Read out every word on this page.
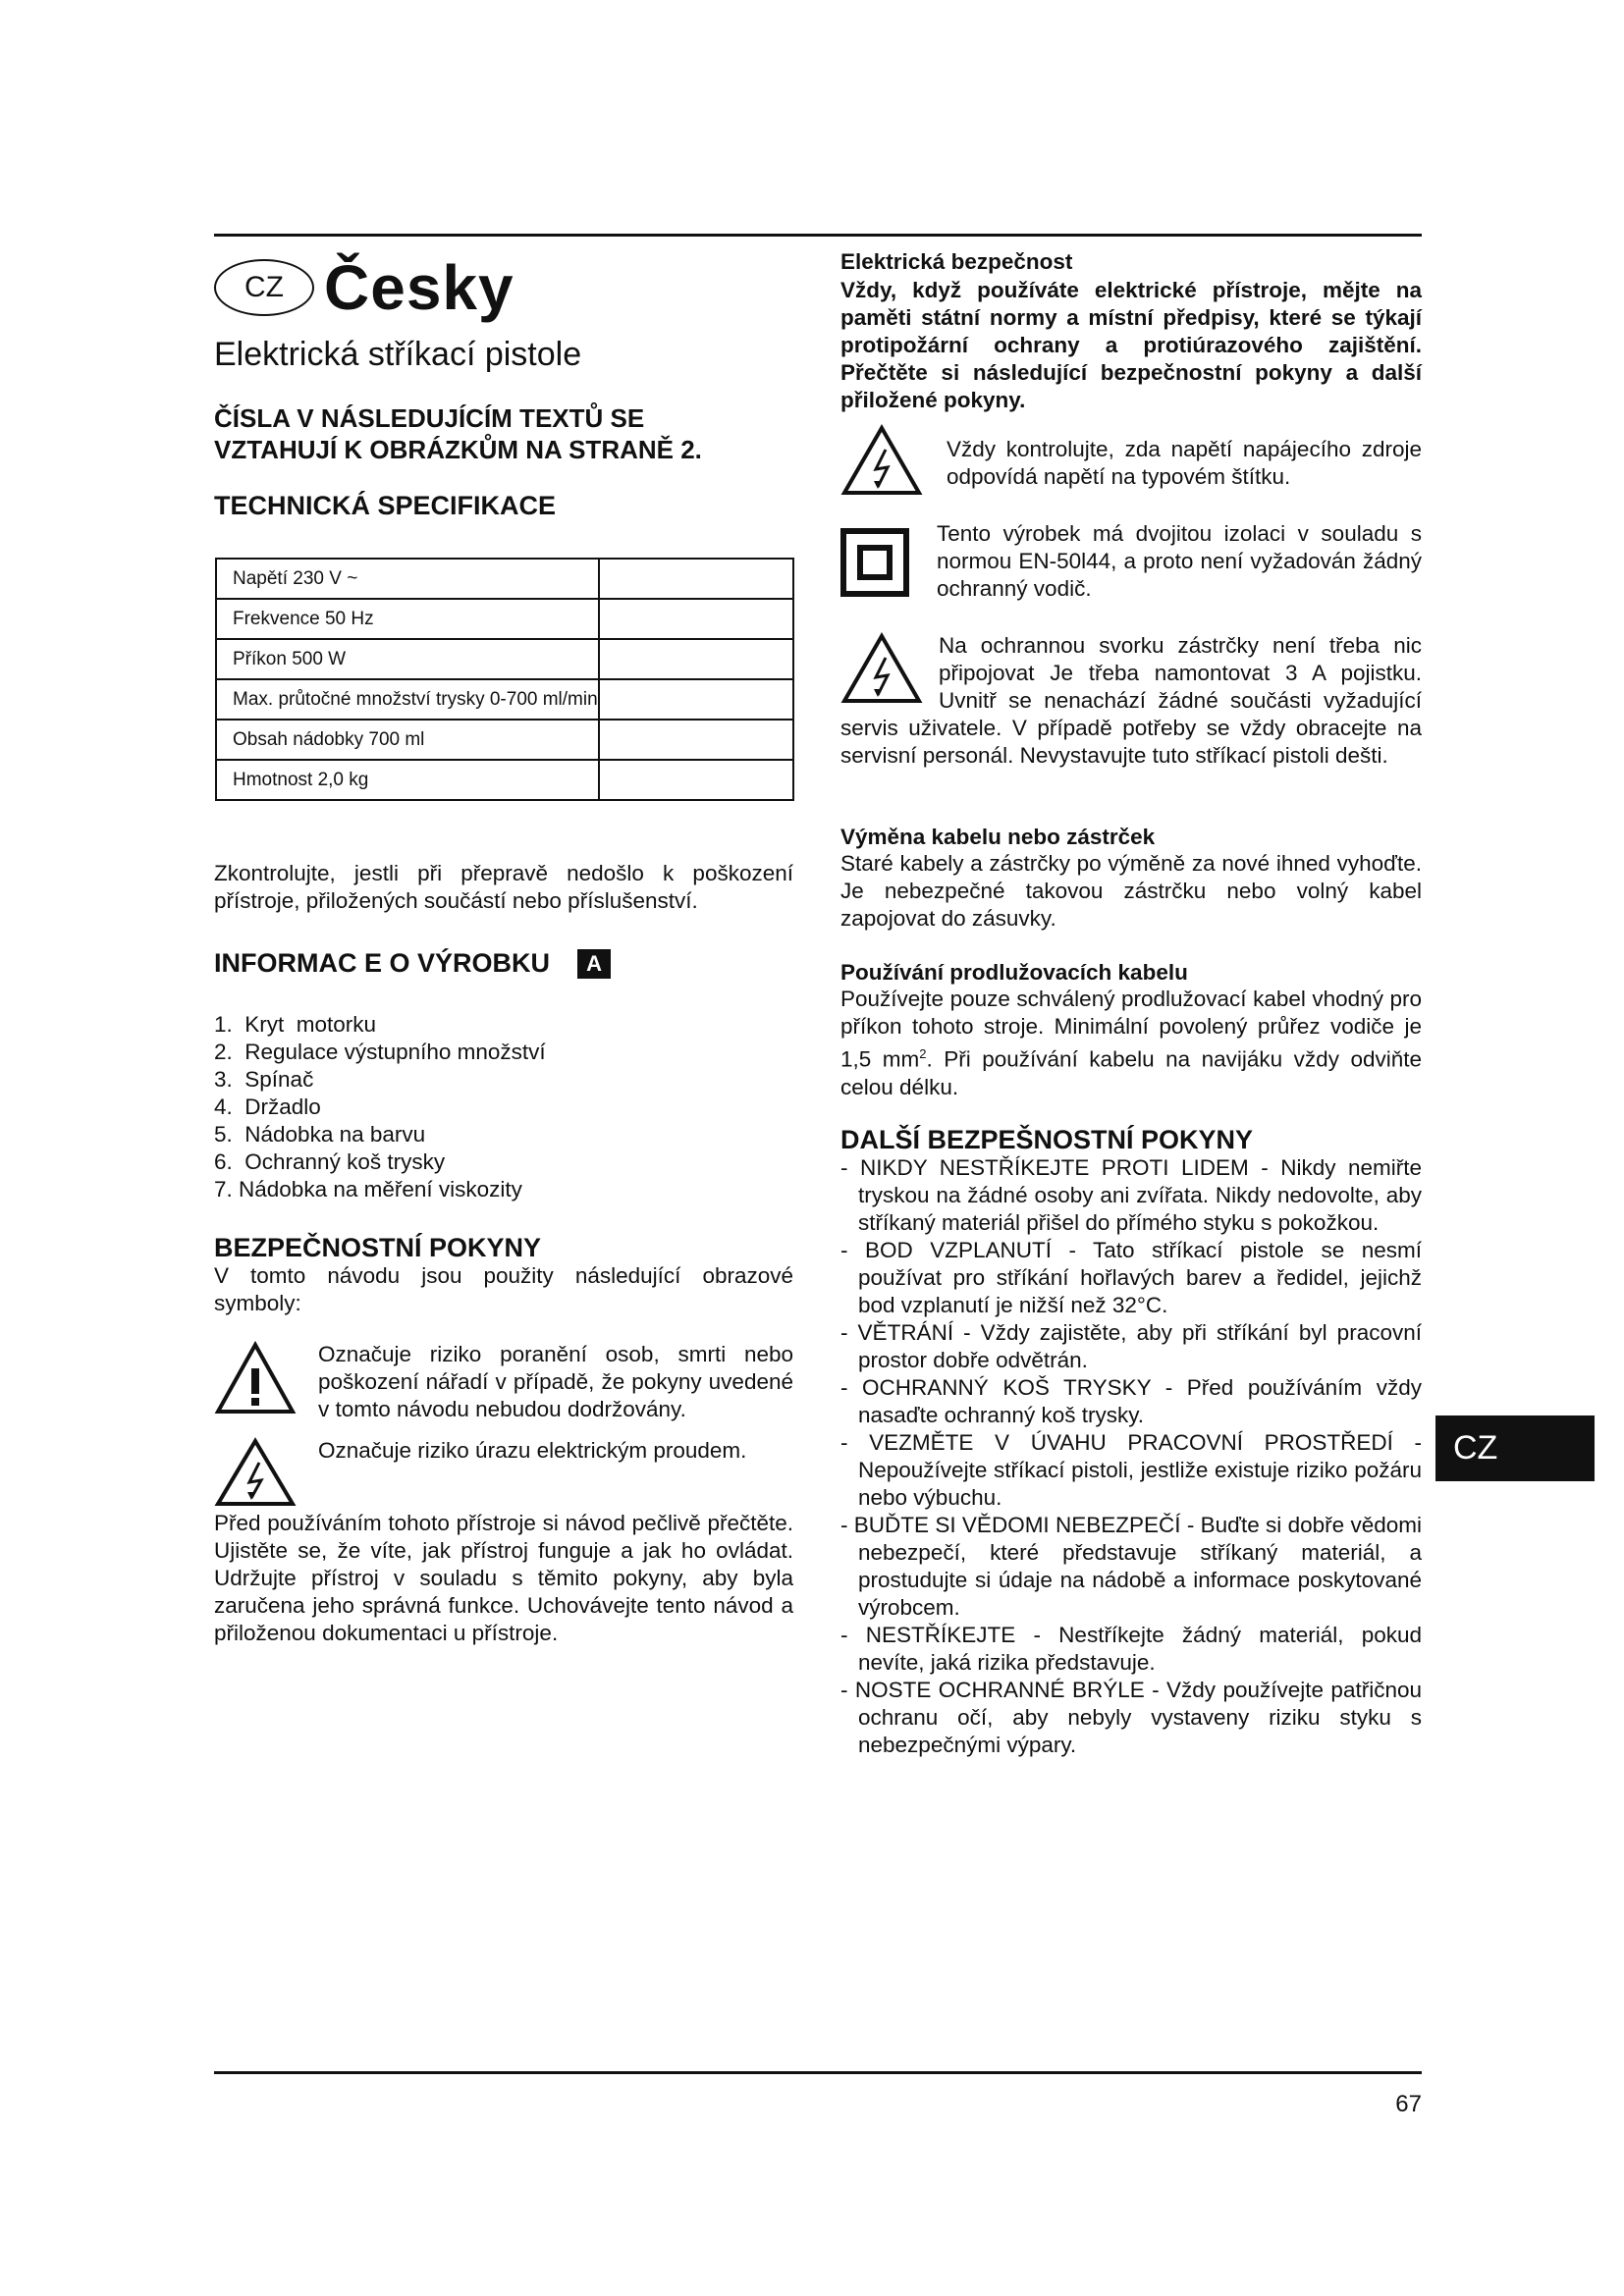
CZ Česky
Elektrická stříkací pistole
ČÍSLA V NÁSLEDUJÍCÍM TEXTŮ SE
VZTAHUJÍ K OBRÁZKŮM NA STRANĚ 2.
TECHNICKÁ SPECIFIKACE
Napětí 230 V ~	
Frekvence 50 Hz	
Příkon 500 W	
Max. průtočné množství trysky 0-700 ml/min	
Obsah nádobky 700 ml	
Hmotnost 2,0 kg	

Zkontrolujte, jestli při přepravě nedošlo k poškození přístroje, přiložených součástí nebo příslušenství.

INFORMAC E O VÝROBKU	A
1.  Kryt  motorku
2.  Regulace výstupního množství
3.  Spínač
4.  Držadlo
5.  Nádobka na barvu
6.  Ochranný koš trysky
7. Nádobka na měření viskozity
BEZPEČNOSTNÍ POKYNY

V tomto návodu jsou použity následující obrazové symboly:

Označuje riziko poranění osob, smrti nebo poškození nářadí v případě, že pokyny uvedené v tomto návodu nebudou dodržovány.

Označuje riziko úrazu elektrickým proudem.

Před používáním tohoto přístroje si návod pečlivě přečtěte. Ujistěte se, že víte, jak přístroj funguje a jak ho ovládat. Udržujte přístroj v souladu s těmito pokyny, aby byla zaručena jeho správná funkce. Uchovávejte tento návod a přiloženou dokumentaci u přístroje.

Elektrická bezpečnost

Vždy, když používáte elektrické přístroje, mějte na paměti státní normy a místní předpisy, které se týkají protipožární ochrany a protiúrazového zajištění. Přečtěte si následující bezpečnostní pokyny a další přiložené pokyny.

Vždy kontrolujte, zda napětí napájecího zdroje odpovídá napětí na typovém štítku.

Tento výrobek má dvojitou izolaci v souladu s normou EN-50l44, a proto není vyžadován žádný ochranný vodič.

Na ochrannou svorku zástrčky není třeba nic připojovat Je třeba namontovat 3 A pojistku. Uvnitř se nenachází žádné součásti vyžadující servis uživatele. V případě potřeby se vždy obracejte na servisní personál. Nevystavujte tuto stříkací pistoli dešti.

Výměna kabelu nebo zástrček

Staré kabely a zástrčky po výměně za nové ihned vyhoďte. Je nebezpečné takovou zástrčku nebo volný kabel zapojovat do zásuvky.

Používání prodlužovacích kabelu

Používejte pouze schválený prodlužovací kabel vhodný pro příkon tohoto stroje. Minimální povolený průřez vodiče je 1,5 $mm^2$. Při používání kabelu na navijáku vždy odviňte celou délku.

DALŠÍ BEZPEŠNOSTNÍ POKYNY
- NIKDY NESTŘÍKEJTE PROTI LIDEM - Nikdy nemiřte tryskou na žádné osoby ani zvířata. Nikdy nedovolte, aby stříkaný materiál přišel do přímého styku s pokožkou.
- BOD VZPLANUTÍ - Tato stříkací pistole se nesmí používat pro stříkání hořlavých barev a ředidel, jejichž bod vzplanutí je nižší než 32°C.
- VĚTRÁNÍ - Vždy zajistěte, aby při stříkání byl pracovní prostor dobře odvětrán.
- OCHRANNÝ KOŠ TRYSKY - Před používáním vždy nasaďte ochranný koš trysky.
- VEZMĚTE V ÚVAHU PRACOVNÍ PROSTŘEDÍ -Nepoužívejte stříkací pistoli, jestliže existuje riziko požáru nebo výbuchu.
- BUĎTE SI VĚDOMI NEBEZPEČÍ - Buďte si dobře vědomi nebezpečí, které představuje stříkaný materiál, a prostudujte si údaje na nádobě a informace poskytované výrobcem.
- NESTŘÍKEJTE - Nestříkejte žádný materiál, pokud nevíte, jaká rizika představuje.
- NOSTE OCHRANNÉ BRÝLE - Vždy používejte patřičnou ochranu očí, aby nebyly vystaveny riziku styku s nebezpečnými výpary.
CZ
67
